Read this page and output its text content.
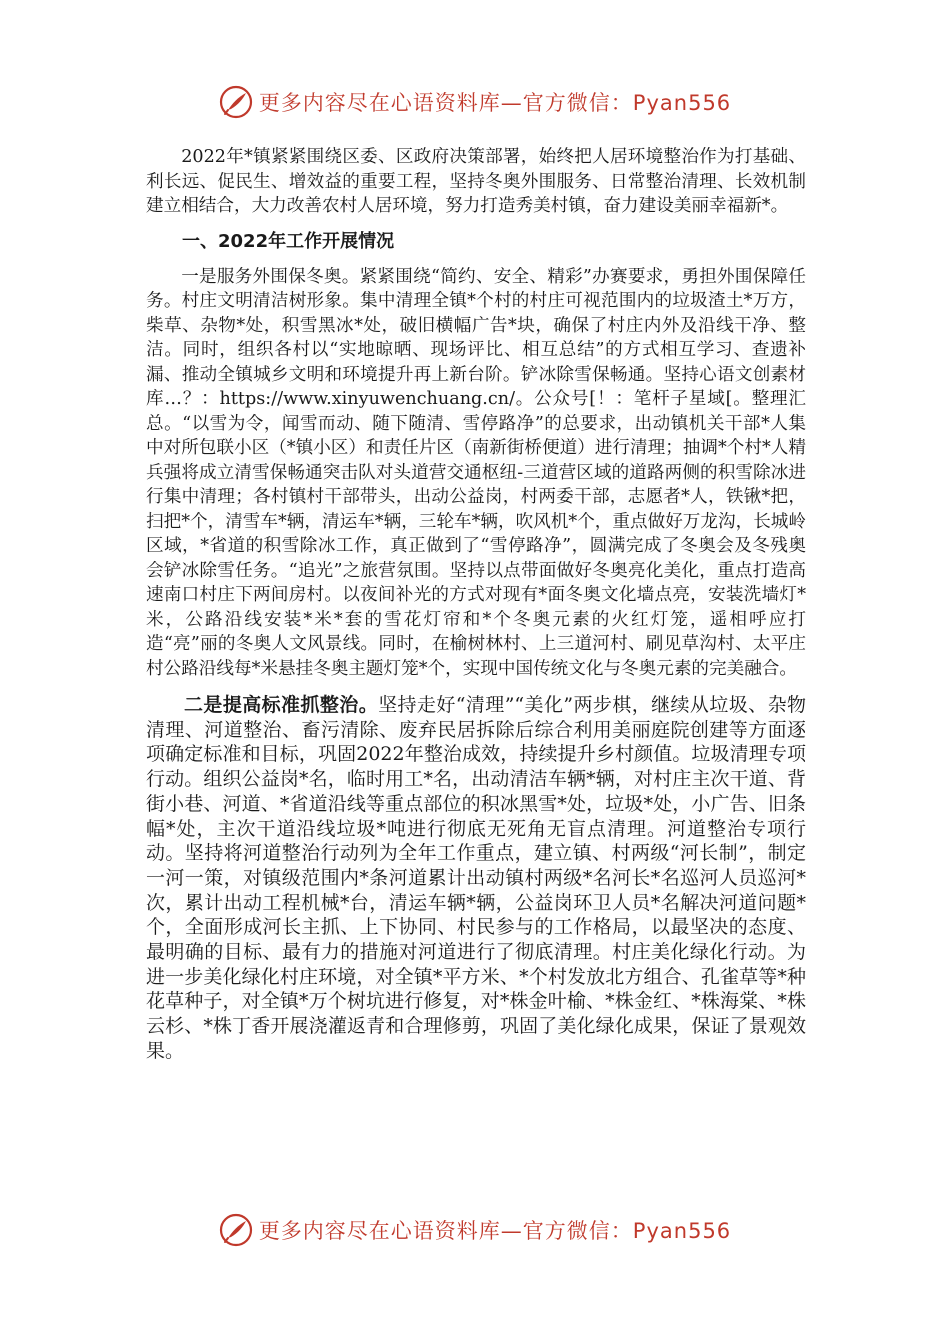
更多内容尽在心语资料库—官方微信：Pyan556

2022年*镇紧紧围绕区委、区政府决策部署，始终把人居环境整治作为打基础、利长远、促民生、增效益的重要工程，坚持冬奥外围服务、日常整治清理、长效机制建立相结合，大力改善农村人居环境，努力打造秀美村镇，奋力建设美丽幸福新*。

一、2022年工作开展情况

一是服务外围保冬奥。紧紧围绕“简约、安全、精彩”办赛要求，勇担外围保障任务。村庄文明清洁树形象。集中清理全镇*个村的村庄可视范围内的垃圾渣土*万方，柴草、杂物*处，积雪黑冰*处，破旧横幅广告*块，确保了村庄内外及沿线干净、整洁。同时，组织各村以“实地晾晒、现场评比、相互总结”的方式相互学习、查遗补漏、推动全镇城乡文明和环境提升再上新台阶。铲冰除雪保畅通。坚持心语文创素材库…？：https://www.xinyuwenchuang.cn/。公众号[！：笔杆子星域[。整理汇总。“以雪为令，闻雪而动、随下随清、雪停路净”的总要求，出动镇机关干部*人集中对所包联小区（*镇小区）和责任片区（南新街桥便道）进行清理；抽调*个村*人精兵强将成立清雪保畅通突击队对头道营交通枢纽-三道营区域的道路两侧的积雪除冰进行集中清理；各村镇村干部带头，出动公益岗，村两委干部，志愿者*人，铁锹*把，扫把*个，清雪车*辆，清运车*辆，三轮车*辆，吹风机*个，重点做好万龙沟，长城岭区域，*省道的积雪除冰工作，真正做到了“雪停路净”，圆满完成了冬奥会及冬残奥会铲冰除雪任务。“追光”之旅营氛围。坚持以点带面做好冬奥亮化美化，重点打造高速南口村庄下两间房村。以夜间补光的方式对现有*面冬奥文化墙点亮，安装洗墙灯*米，公路沿线安装*米*套的雪花灯帘和*个冬奥元素的火红灯笼，遥相呼应打造“亮”丽的冬奥人文风景线。同时，在榆树林村、上三道河村、刷见草沟村、太平庄村公路沿线每*米悬挂冬奥主题灯笼*个，实现中国传统文化与冬奥元素的完美融合。

二是提高标准抓整治。坚持走好“清理”“美化”两步棋，继续从垃圾、杂物清理、河道整治、畜污清除、废弃民居拆除后综合利用美丽庭院创建等方面逐项确定标准和目标，巩固2022年整治成效，持续提升乡村颜值。垃圾清理专项行动。组织公益岗*名，临时用工*名，出动清洁车辆*辆，对村庄主次干道、背街小巷、河道、*省道沿线等重点部位的积冰黑雪*处，垃圾*处，小广告、旧条幅*处，主次干道沿线垃圾*吨进行彻底无死角无盲点清理。河道整治专项行动。坚持将河道整治行动列为全年工作重点，建立镇、村两级“河长制”，制定一河一策，对镇级范围内*条河道累计出动镇村两级*名河长*名巡河人员巡河*次，累计出动工程机械*台，清运车辆*辆，公益岗环卫人员*名解决河道问题*个，全面形成河长主抓、上下协同、村民参与的工作格局，以最坚决的态度、最明确的目标、最有力的措施对河道进行了彻底清理。村庄美化绿化行动。为进一步美化绿化村庄环境，对全镇*平方米、*个村发放北方组合、孔雀草等*种花草种子，对全镇*万个树坑进行修复，对*株金叶榆、*株金红、*株海棠、*株云杉、*株丁香开展浇灌返青和合理修剪，巩固了美化绿化成果，保证了景观效果。

更多内容尽在心语资料库—官方微信：Pyan556
